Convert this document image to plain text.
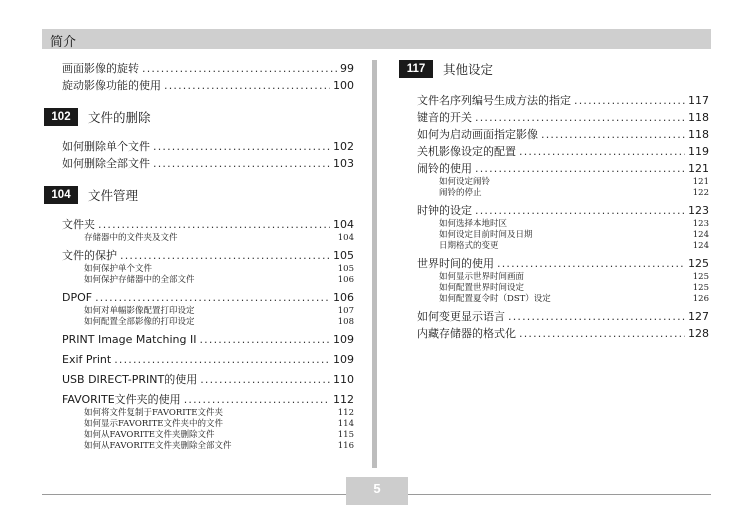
简介
画面影像的旋转 .....	99
旋动影像功能的使用 .....	100
102	文件的删除
如何删除单个文件 .....	102
如何删除全部文件 .....	103
104	文件管理
文件夹 .....	104
存储器中的文件夹及文件	104
文件的保护 .....	105
如何保护单个文件	105
如何保护存储器中的全部文件	106
DPOF .....	106
如何对单幅影像配置打印设定	107
如何配置全部影像的打印设定	108
PRINT Image Matching II .....	109
Exif Print .....	109
USB DIRECT-PRINT的使用 .....	110
FAVORITE文件夹的使用 .....	112
如何将文件复制于FAVORITE文件夹	112
如何显示FAVORITE文件夹中的文件	114
如何从FAVORITE文件夹删除文件	115
如何从FAVORITE文件夹删除全部文件	116
117	其他设定
文件名序列编号生成方法的指定 .....	117
键音的开关 .....	118
如何为启动画面指定影像 .....	118
关机影像设定的配置 .....	119
闹铃的使用 .....	121
如何设定闹铃	121
闹铃的停止	122
时钟的设定 .....	123
如何选择本地时区	123
如何设定目前时间及日期	124
日期格式的变更	124
世界时间的使用 .....	125
如何显示世界时间画面	125
如何配置世界时间设定	125
如何配置夏令时（DST）设定	126
如何变更显示语言 .....	127
内藏存储器的格式化 .....	128
5
